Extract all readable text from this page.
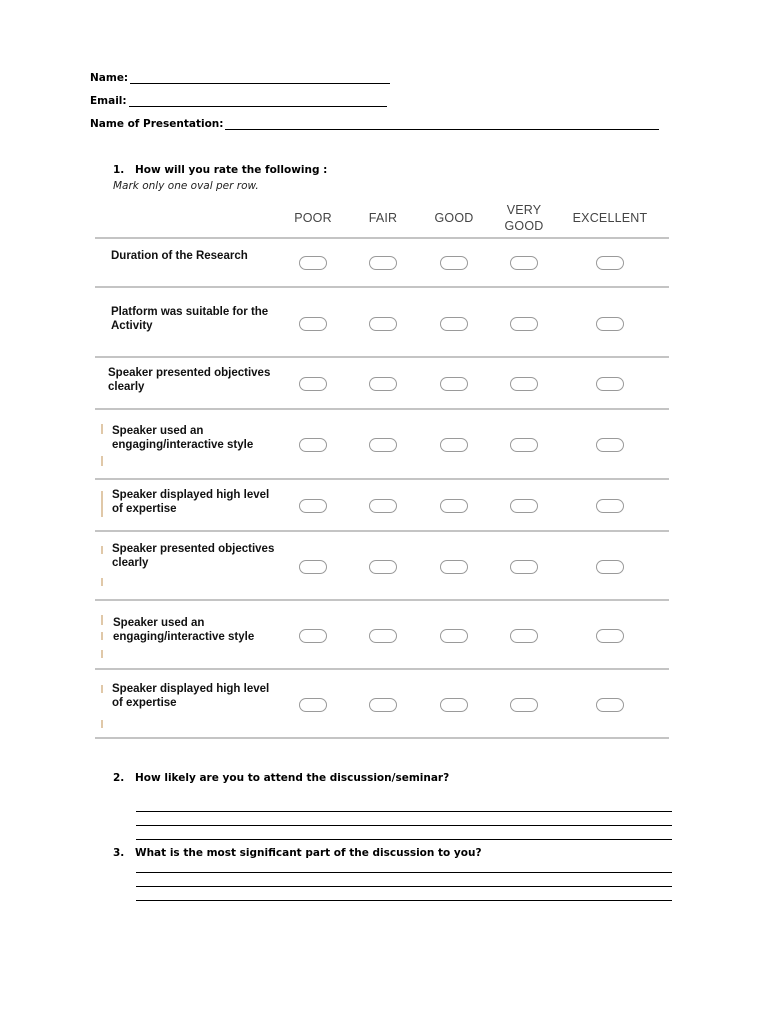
Name:
Email:
Name of Presentation:
1. How will you rate the following :
Mark only one oval per row.
POOR	FAIR	GOOD
VERY
GOOD
EXCELLENT
Duration of the Research
Platform was suitable for the Activity
Speaker presented objectives clearly
Speaker used an engaging/interactive style
Speaker displayed high level of expertise
Speaker presented objectives clearly
Speaker used an engaging/interactive style
Speaker displayed high level of expertise
2. How likely are you to attend the discussion/seminar?
3. What is the most significant part of the discussion to you?
